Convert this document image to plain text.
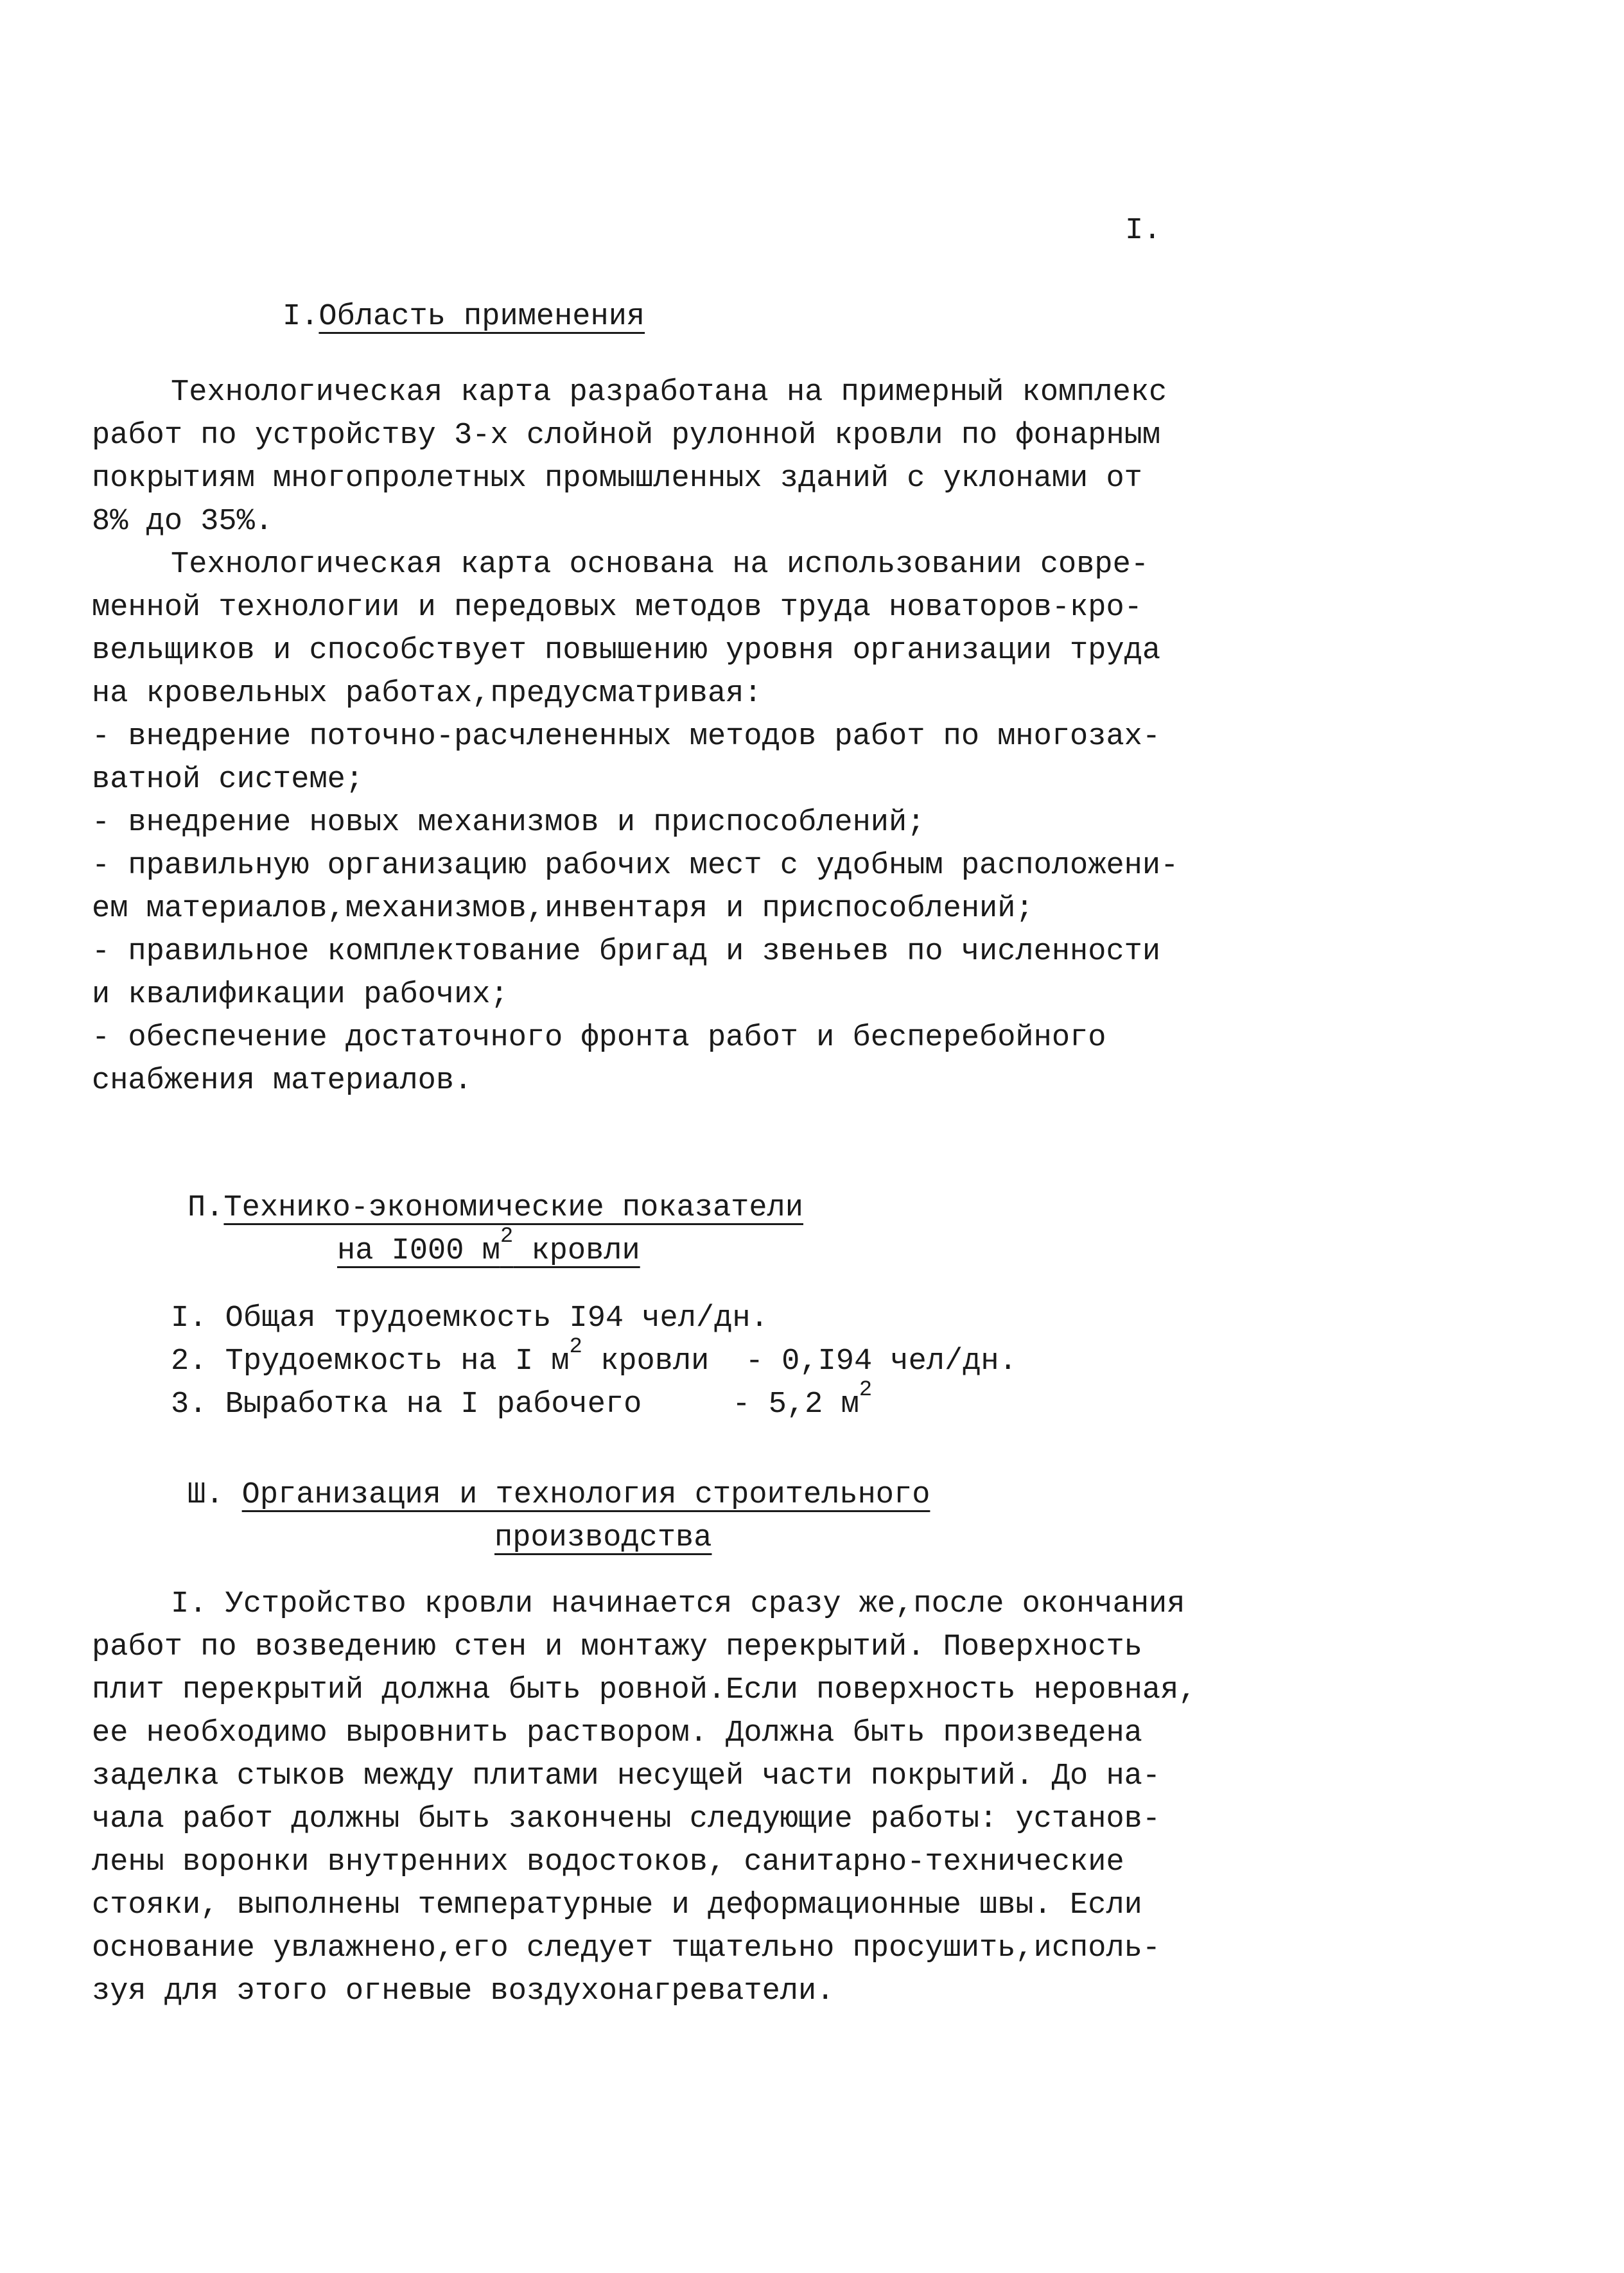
I.
I.Область применения
Технологическая карта разработана на примерный комплекс
работ по устройству 3-х слойной рулонной кровли по фонарным
покрытиям многопролетных промышленных зданий с уклонами от
8% до 35%.
Технологическая карта основана на использовании совре-
менной технологии и передовых методов труда новаторов-кро-
вельщиков и способствует повышению уровня организации труда
на кровельных работах,предусматривая:
- внедрение поточно-расчлененных методов работ по многозах-
ватной системе;
- внедрение новых механизмов и приспособлений;
- правильную организацию рабочих мест с удобным расположени-
ем материалов,механизмов,инвентаря и приспособлений;
- правильное комплектование бригад и звеньев по численности
и квалификации рабочих;
- обеспечение достаточного фронта работ и бесперебойного
снабжения материалов.
П.Технико-экономические показатели
на I000 $м^2$ кровли
I. Общая трудоемкость I94 чел/дн.
2. Трудоемкость на I $м^2$ кровли  - 0,I94 чел/дн.
3. Выработка на I рабочего     - 5,2 $м^2$
Ш. Организация и технология строительного
производства
I. Устройство кровли начинается сразу же,после окончания
работ по возведению стен и монтажу перекрытий. Поверхность
плит перекрытий должна быть ровной.Если поверхность неровная,
ее необходимо выровнить раствором. Должна быть произведена
заделка стыков между плитами несущей части покрытий. До на-
чала работ должны быть закончены следующие работы: установ-
лены воронки внутренних водостоков, санитарно-технические
стояки, выполнены температурные и деформационные швы. Если
основание увлажнено,его следует тщательно просушить,исполь-
зуя для этого огневые воздухонагреватели.
